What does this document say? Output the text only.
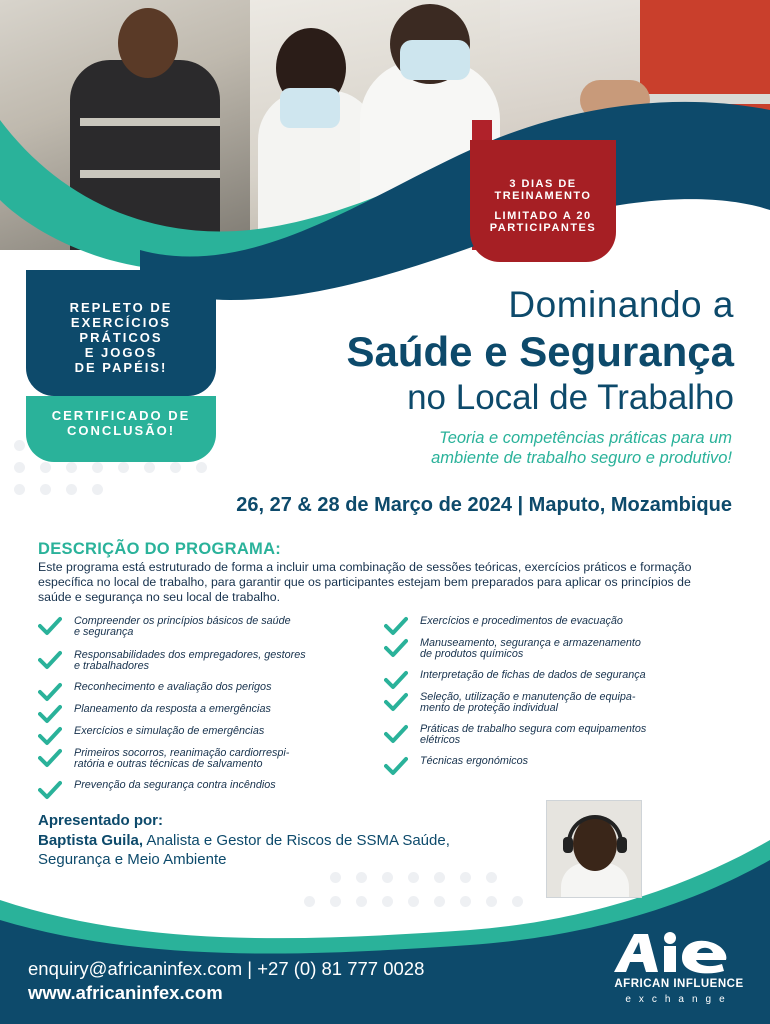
3 DIAS DE
TREINAMENTO
LIMITADO A 20
PARTICIPANTES
REPLETO DE
EXERCÍCIOS
PRÁTICOS
E JOGOS
DE PAPÉIS!
CERTIFICADO DE
CONCLUSÃO!
Dominando a
Saúde e Segurança
no Local de Trabalho
Teoria e competências práticas para um
ambiente de trabalho seguro e produtivo!
26, 27 & 28 de Março de 2024 | Maputo, Mozambique
DESCRIÇÃO DO PROGRAMA:
Este programa está estruturado de forma a incluir uma combinação de sessões teóricas, exercícios práticos e formação específica no local de trabalho, para garantir que os participantes estejam bem preparados para aplicar os princípios de saúde e segurança no seu local de trabalho.
Compreender os princípios básicos de saúde
e segurança
Responsabilidades dos empregadores, gestores
e trabalhadores
Reconhecimento e avaliação dos perigos
Planeamento da resposta a emergências
Exercícios e simulação de emergências
Primeiros socorros, reanimação cardiorrespi-
ratória e outras técnicas de salvamento
Prevenção da segurança contra incêndios
Exercícios e procedimentos de evacuação
Manuseamento, segurança e armazenamento
de produtos químicos
Interpretação de fichas de dados de segurança
Seleção, utilização e manutenção de equipa-
mento de proteção individual
Práticas de trabalho segura com equipamentos
elétricos
Técnicas ergonómicos
Apresentado por:
Baptista Guila, Analista e Gestor de Riscos de SSMA Saúde,
Segurança e Meio Ambiente
enquiry@africaninfex.com | +27 (0) 81 777 0028
www.africaninfex.com	AFRICAN INFLUENCE
exchange
